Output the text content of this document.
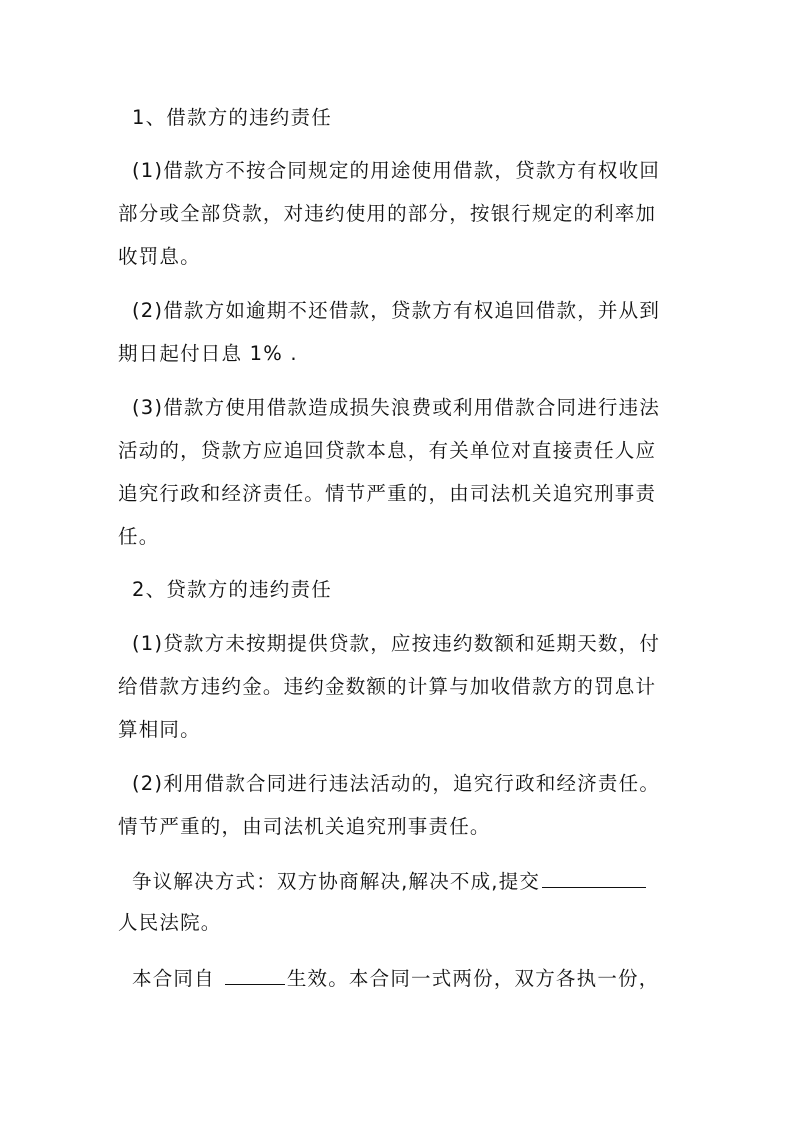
1、借款方的违约责任
(1)借款方不按合同规定的用途使用借款，贷款方有权收回
部分或全部贷款，对违约使用的部分，按银行规定的利率加
收罚息。
(2)借款方如逾期不还借款，贷款方有权追回借款，并从到
期日起付日息 1% .
(3)借款方使用借款造成损失浪费或利用借款合同进行违法
活动的，贷款方应追回贷款本息，有关单位对直接责任人应
追究行政和经济责任。情节严重的，由司法机关追究刑事责
任。
2、贷款方的违约责任
(1)贷款方未按期提供贷款，应按违约数额和延期天数，付
给借款方违约金。违约金数额的计算与加收借款方的罚息计
算相同。
(2)利用借款合同进行违法活动的，追究行政和经济责任。
情节严重的，由司法机关追究刑事责任。
争议解决方式：双方协商解决,解决不成,提交
人民法院。
本合同自	生效。本合同一式两份，双方各执一份，
